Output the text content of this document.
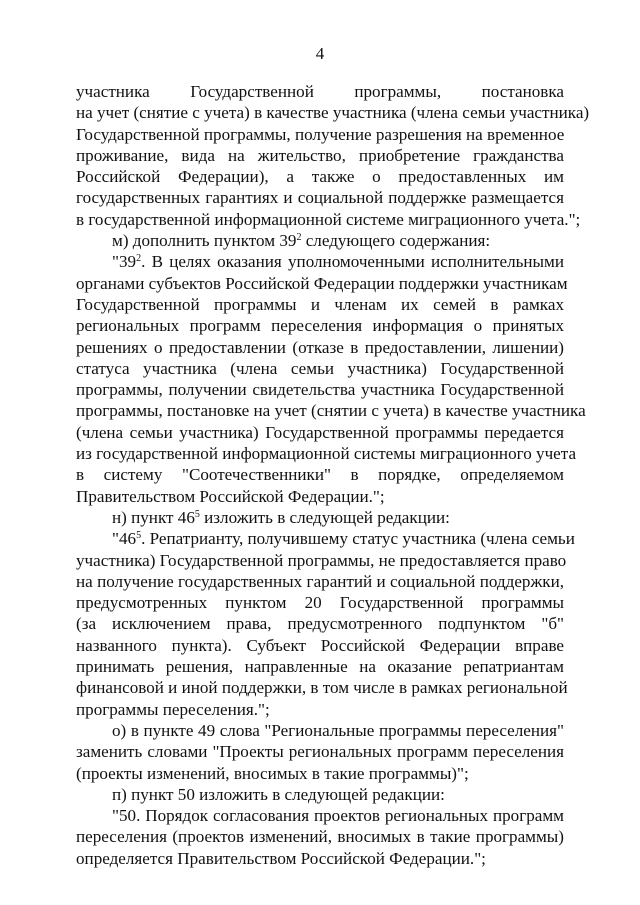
4
участника Государственной программы, постановка
на учет (снятие с учета) в качестве участника (члена семьи участника)
Государственной программы, получение разрешения на временное
проживание, вида на жительство, приобретение гражданства
Российской Федерации), а также о предоставленных им
государственных гарантиях и социальной поддержке размещается
в государственной информационной системе миграционного учета.";
м) дополнить пунктом $39^2$ следующего содержания:
"$39^2$. В целях оказания уполномоченными исполнительными
органами субъектов Российской Федерации поддержки участникам
Государственной программы и членам их семей в рамках
региональных программ переселения информация о принятых
решениях о предоставлении (отказе в предоставлении, лишении)
статуса участника (члена семьи участника) Государственной
программы, получении свидетельства участника Государственной
программы, постановке на учет (снятии с учета) в качестве участника
(члена семьи участника) Государственной программы передается
из государственной информационной системы миграционного учета
в систему "Соотечественники" в порядке, определяемом
Правительством Российской Федерации.";
н) пункт $46^5$ изложить в следующей редакции:
"$46^5$. Репатрианту, получившему статус участника (члена семьи
участника) Государственной программы, не предоставляется право
на получение государственных гарантий и социальной поддержки,
предусмотренных пунктом 20 Государственной программы
(за исключением права, предусмотренного подпунктом "б"
названного пункта). Субъект Российской Федерации вправе
принимать решения, направленные на оказание репатриантам
финансовой и иной поддержки, в том числе в рамках региональной
программы переселения.";
о) в пункте 49 слова "Региональные программы переселения"
заменить словами "Проекты региональных программ переселения
(проекты изменений, вносимых в такие программы)";
п) пункт 50 изложить в следующей редакции:
"50. Порядок согласования проектов региональных программ
переселения (проектов изменений, вносимых в такие программы)
определяется Правительством Российской Федерации.";
